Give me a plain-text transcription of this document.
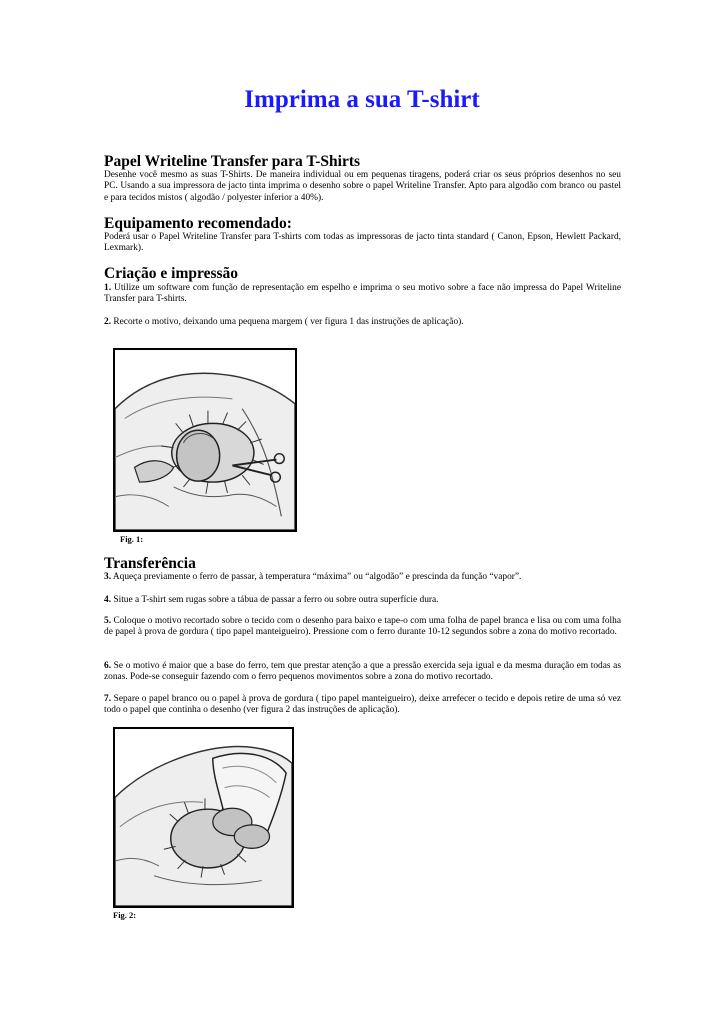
Imprima a sua T-shirt
Papel Writeline Transfer para T-Shirts

Desenhe você mesmo as suas T-Shirts. De maneira individual ou em pequenas tiragens, poderá criar os seus próprios desenhos no seu PC. Usando a sua impressora de jacto tinta imprima o desenho sobre o papel Writeline Transfer. Apto para algodão com branco ou pastel e para tecidos mistos ( algodão / polyester inferior a 40%).

Equipamento recomendado:

Poderá usar o Papel Writeline Transfer para T-shirts com todas as impressoras de jacto tinta standard ( Canon, Epson, Hewlett Packard, Lexmark).

Criação e impressão

1. Utilize um software com função de representação em espelho e imprima o seu motivo sobre a face não impressa do Papel Writeline Transfer para T-shirts.

2. Recorte o motivo, deixando uma pequena margem ( ver figura 1 das instruções de aplicação).

Fig. 1:

Transferência

3. Aqueça previamente o ferro de passar, à temperatura “máxima” ou “algodão” e prescinda da função “vapor”.

4. Situe a T-shirt sem rugas sobre a tábua de passar a ferro ou sobre outra superfície dura.

5. Coloque o motivo recortado sobre o tecido com o desenho para baixo e tape-o com uma folha de papel branca e lisa ou com uma folha de papel à prova de gordura ( tipo papel manteigueiro). Pressione com o ferro durante 10-12 segundos sobre a zona do motivo recortado.

6. Se o motivo é maior que a base do ferro, tem que prestar atenção a que a pressão exercida seja igual e da mesma duração em todas as zonas. Pode-se conseguir fazendo com o ferro pequenos movimentos sobre a zona do motivo recortado.

7. Separe o papel branco ou o papel à prova de gordura ( tipo papel manteigueiro), deixe arrefecer o tecido e depois retire de uma só vez todo o papel que continha o desenho (ver figura 2 das instruções de aplicação).

Fig. 2:
